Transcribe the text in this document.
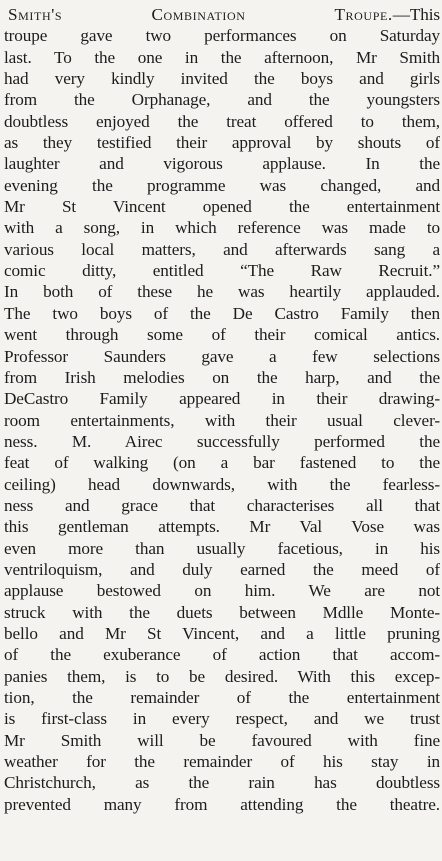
Smith's Combination Troupe.—This
troupe gave two performances on Saturday
last. To the one in the afternoon, Mr Smith
had very kindly invited the boys and girls
from the Orphanage, and the youngsters
doubtless enjoyed the treat offered to them,
as they testified their approval by shouts of
laughter and vigorous applause. In the
evening the programme was changed, and
Mr St Vincent opened the entertainment
with a song, in which reference was made to
various local matters, and afterwards sang a
comic ditty, entitled “The Raw Recruit.”
In both of these he was heartily applauded.
The two boys of the De Castro Family then
went through some of their comical antics.
Professor Saunders gave a few selections
from Irish melodies on the harp, and the
DeCastro Family appeared in their drawing-
room entertainments, with their usual clever-
ness. M. Airec successfully performed the
feat of walking (on a bar fastened to the
ceiling) head downwards, with the fearless-
ness and grace that characterises all that
this gentleman attempts. Mr Val Vose was
even more than usually facetious, in his
ventriloquism, and duly earned the meed of
applause bestowed on him. We are not
struck with the duets between Mdlle Monte-
bello and Mr St Vincent, and a little pruning
of the exuberance of action that accom-
panies them, is to be desired. With this excep-
tion, the remainder of the entertainment
is first-class in every respect, and we trust
Mr Smith will be favoured with fine
weather for the remainder of his stay in
Christchurch, as the rain has doubtless
prevented many from attending the theatre.
